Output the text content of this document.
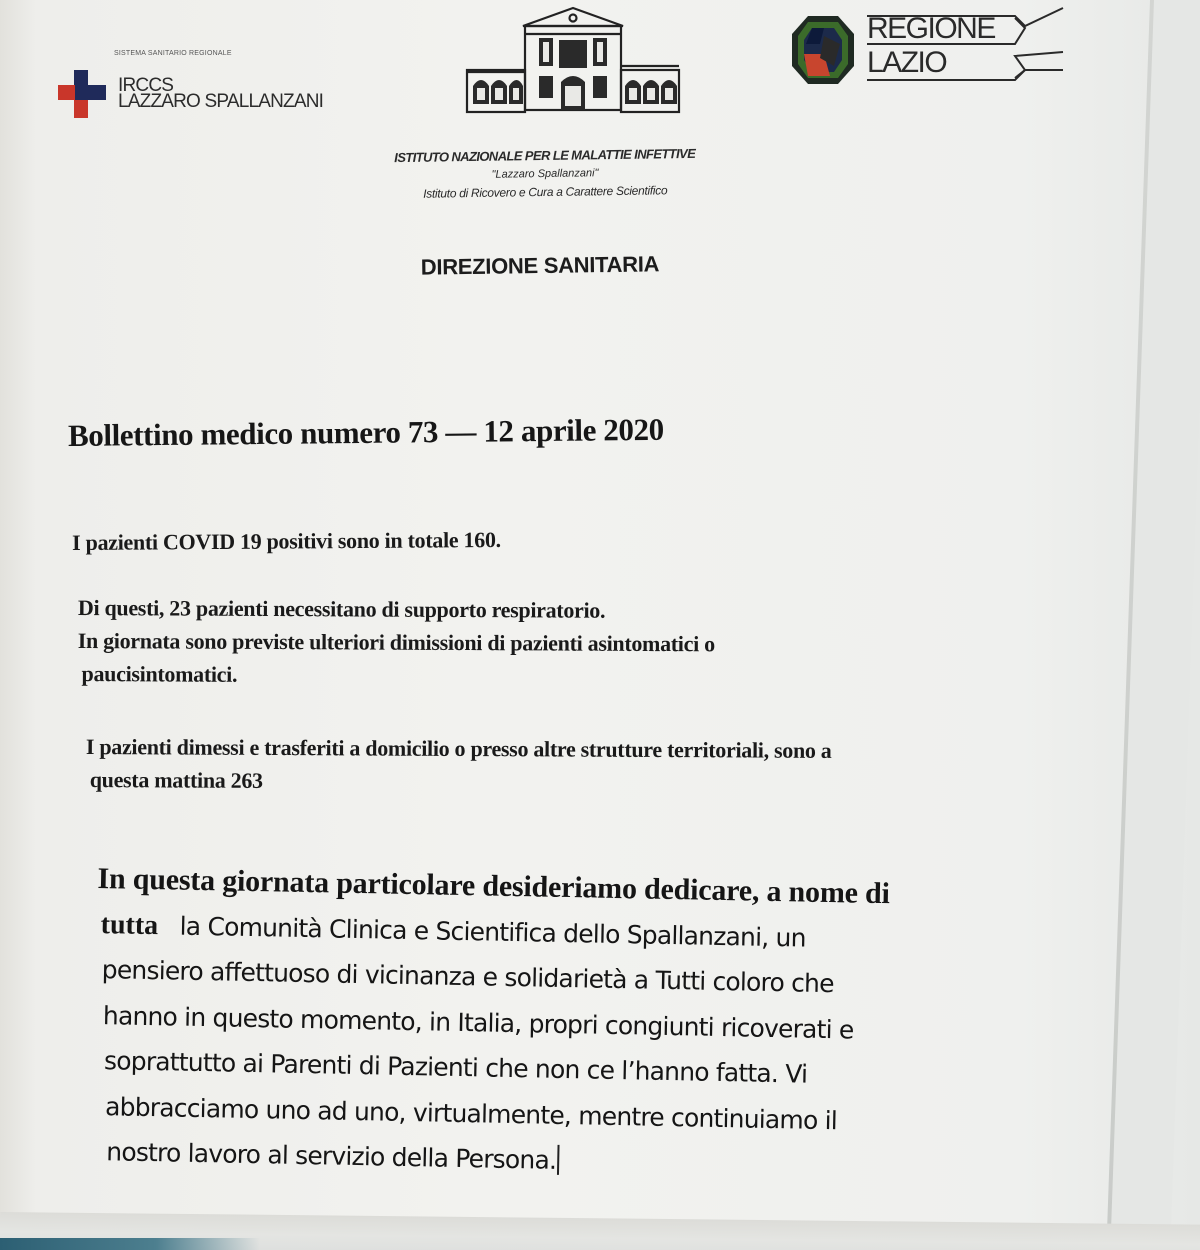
SISTEMA SANITARIO REGIONALE
IRCCS
LAZZARO SPALLANZANI
REGIONE
LAZIO
ISTITUTO NAZIONALE PER LE MALATTIE INFETTIVE
"Lazzaro Spallanzani"
Istituto di Ricovero e Cura a Carattere Scientifico
DIREZIONE SANITARIA
Bollettino medico numero 73 — 12 aprile 2020
I pazienti COVID 19 positivi sono in totale 160.
Di questi, 23 pazienti necessitano di supporto respiratorio.
In giornata sono previste ulteriori dimissioni di pazienti asintomatici o
paucisintomatici.
I pazienti dimessi e trasferiti a domicilio o presso altre strutture territoriali, sono a
questa mattina 263
In questa giornata particolare desideriamo dedicare, a nome di
tutta la Comunità Clinica e Scientifica dello Spallanzani, un
pensiero affettuoso di vicinanza e solidarietà a Tutti coloro che
hanno in questo momento, in Italia, propri congiunti ricoverati e
soprattutto ai Parenti di Pazienti che non ce l’hanno fatta. Vi
abbracciamo uno ad uno, virtualmente, mentre continuiamo il
nostro lavoro al servizio della Persona.
